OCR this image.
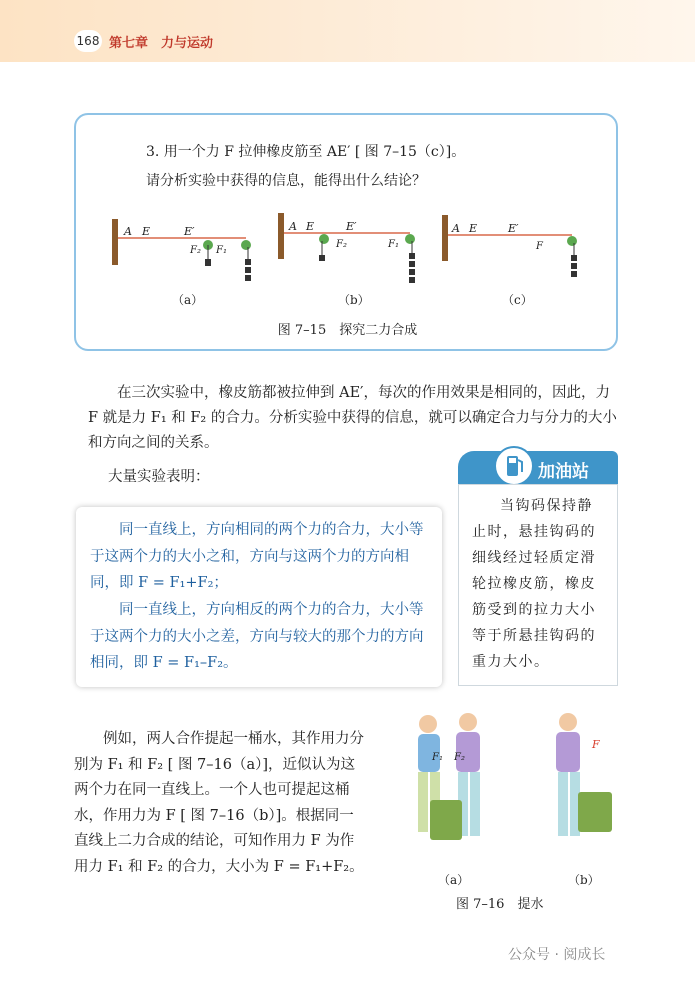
168 第七章　力与运动
3. 用一个力 F 拉伸橡皮筋至 AE′ [ 图 7–15（c）]。
请分析实验中获得的信息，能得出什么结论？
A E	E′
F₂ F₁
A E	E′
F₂	F₁
A E	E′
F
（a）	（b）	（c）
图 7–15　探究二力合成

在三次实验中，橡皮筋都被拉伸到 AE′，每次的作用效果是相同的，因此，力 F 就是力 F₁ 和 F₂ 的合力。分析实验中获得的信息，就可以确定合力与分力的大小和方向之间的关系。

大量实验表明：

同一直线上，方向相同的两个力的合力，大小等于这两个力的大小之和，方向与这两个力的方向相同，即 F = F₁+F₂；

同一直线上，方向相反的两个力的合力，大小等于这两个力的大小之差，方向与较大的那个力的方向相同，即 F = F₁–F₂。

加油站

当钩码保持静止时，悬挂钩码的细线经过轻质定滑轮拉橡皮筋，橡皮筋受到的拉力大小等于所悬挂钩码的重力大小。

例如，两人合作提起一桶水，其作用力分别为 F₁ 和 F₂ [ 图 7–16（a）]，近似认为这两个力在同一直线上。一个人也可提起这桶水，作用力为 F [ 图 7–16（b）]。根据同一直线上二力合成的结论，可知作用力 F 为作用力 F₁ 和 F₂ 的合力，大小为 F = F₁+F₂。

F₁ F₂
F
（a）	（b）
图 7–16　提水
公众号 · 阅成长
